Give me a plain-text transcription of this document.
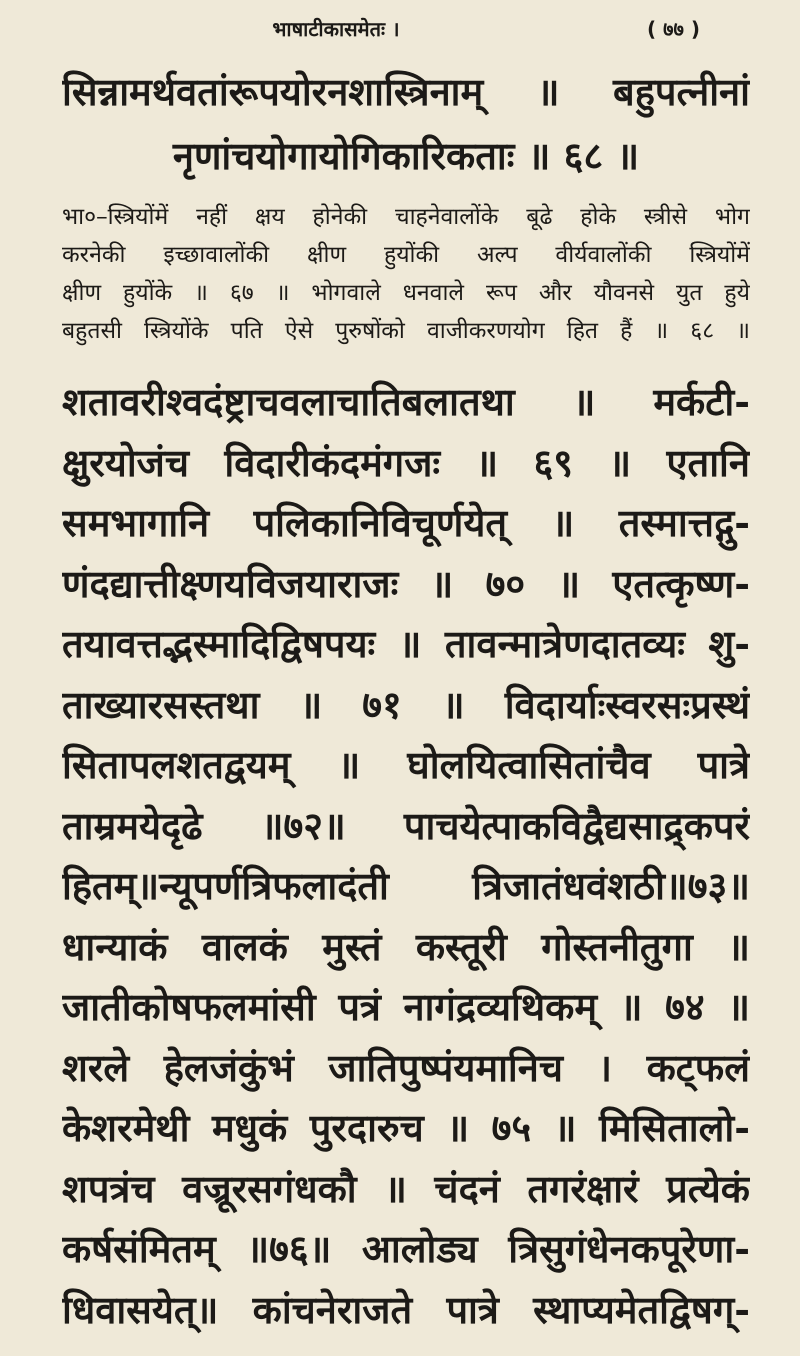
भाषाटीकासमेतः ।	( ७७ )
सिन्नामर्थवतांरूपयोरनशास्त्रिनाम् ॥ बहुपत्नीनां
नृणांचयोगायोगिकारिकताः ॥ ६८ ॥
भा०–स्त्रियोंमें नहीं क्षय होनेकी चाहनेवालोंके बूढे होके स्त्रीसे भोग
करनेकी इच्छावालोंकी क्षीण हुयोंकी अल्प वीर्यवालोंकी स्त्रियोंमें
क्षीण हुयोंके ॥ ६७ ॥ भोगवाले धनवाले रूप और यौवनसे युत हुये
बहुतसी स्त्रियोंके पति ऐसे पुरुषोंको वाजीकरणयोग हित हैं ॥ ६८ ॥
शतावरीश्वदंष्ट्राचवलाचातिबलातथा ॥ मर्कटी-
क्षुरयोजंच विदारीकंदमंगजः ॥ ६९ ॥ एतानि
समभागानि पलिकानिविचूर्णयेत् ॥ तस्मात्तद्गु-
णंदद्यात्तीक्ष्णयविजयाराजः ॥ ७० ॥ एतत्कृष्ण-
तयावत्तद्भस्मादिद्विषपयः ॥ तावन्मात्रेणदातव्यः शु-
ताख्यारसस्तथा ॥ ७१ ॥ विदार्याःस्वरसःप्रस्थं
सितापलशतद्वयम् ॥ घोलयित्वासितांचैव पात्रे
ताम्रमयेदृढे ॥७२॥ पाचयेत्पाकविद्वैद्यसाद्र्कपरं
हितम्॥न्यूपर्णत्रिफलादंती त्रिजातंधवंशठी॥७३॥
धान्याकं वालकं मुस्तं कस्तूरी गोस्तनीतुगा ॥
जातीकोषफलमांसी पत्रं नागंद्रव्यथिकम् ॥ ७४ ॥
शरले हेलजंकुंभं जातिपुष्पंयमानिच । कट्फलं
केशरमेथी मधुकं पुरदारुच ॥ ७५ ॥ मिसितालो-
शपत्रंच वज्रूरसगंधकौ ॥ चंदनं तगरंक्षारं प्रत्येकं
कर्षसंमितम् ॥७६॥ आलोड्य त्रिसुगंधेनकपूरेणा-
धिवासयेत्॥ कांचनेराजते पात्रे स्थाप्यमेतद्विषग्-
